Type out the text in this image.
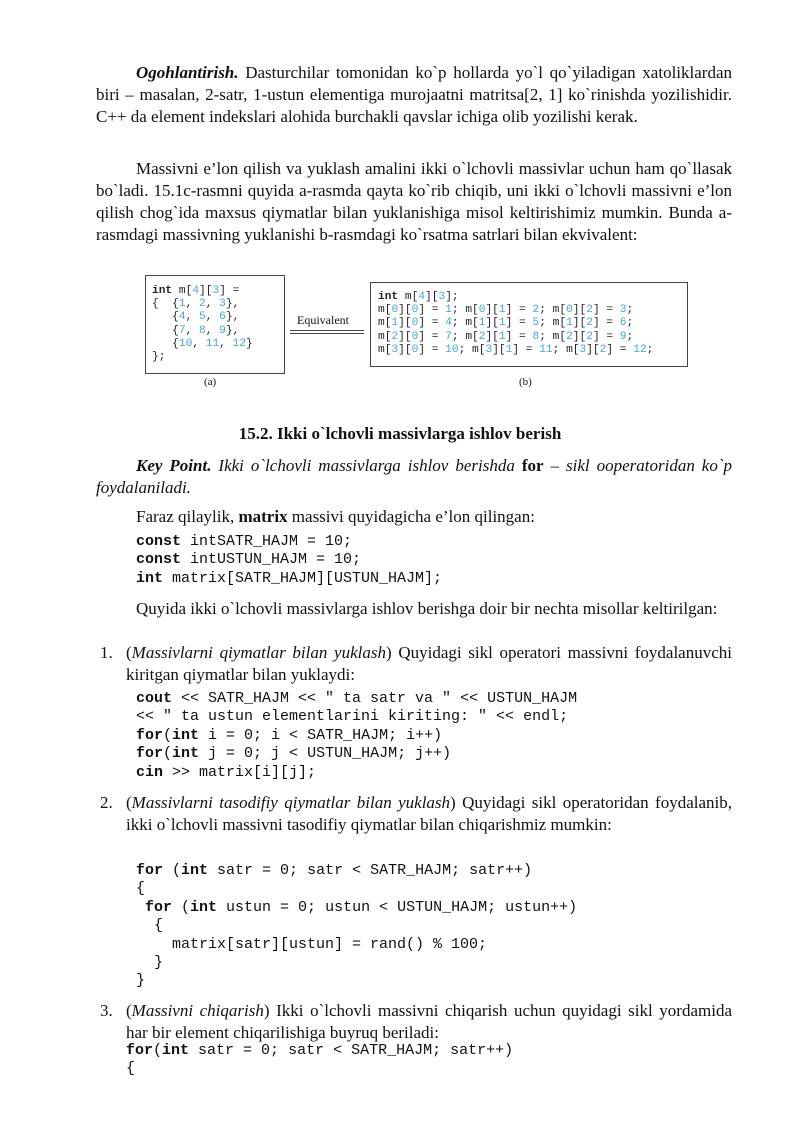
Ogohlantirish. Dasturchilar tomonidan ko`p hollarda yo`l qo`yiladigan xatoliklardan biri – masalan, 2-satr, 1-ustun elementiga murojaatni matritsa[2, 1] ko`rinishda yozilishidir. C++ da element indekslari alohida burchakli qavslar ichiga olib yozilishi kerak.

Massivni e’lon qilish va yuklash amalini ikki o`lchovli massivlar uchun ham qo`llasak bo`ladi. 15.1c-rasmni quyida a-rasmda qayta ko`rib chiqib, uni ikki o`lchovli massivni e’lon qilish chog`ida maxsus qiymatlar bilan yuklanishiga misol keltirishimiz mumkin. Bunda a-rasmdagi massivning yuklanishi b-rasmdagi ko`rsatma satrlari bilan ekvivalent:

int m[4][3] =
{  {1, 2, 3},
{4, 5, 6},
{7, 8, 9},
{10, 11, 12}
};
Equivalent
int m[4][3];
m[0][0] = 1; m[0][1] = 2; m[0][2] = 3;
m[1][0] = 4; m[1][1] = 5; m[1][2] = 6;
m[2][0] = 7; m[2][1] = 8; m[2][2] = 9;
m[3][0] = 10; m[3][1] = 11; m[3][2] = 12;
(a)	(b)

15.2. Ikki o`lchovli massivlarga ishlov berish

Key Point. Ikki o`lchovli massivlarga ishlov berishda for – sikl ooperatoridan ko`p foydalaniladi.

Faraz qilaylik, matrix massivi quyidagicha e’lon qilingan:

const intSATR_HAJM = 10;
const intUSTUN_HAJM = 10;
int matrix[SATR_HAJM][USTUN_HAJM];

Quyida ikki o`lchovli massivlarga ishlov berishga doir bir nechta misollar keltirilgan:

1. (Massivlarni qiymatlar bilan yuklash) Quyidagi sikl operatori massivni foydalanuvchi kiritgan qiymatlar bilan yuklaydi:
cout << SATR_HAJM << " ta satr va " << USTUN_HAJM
<< " ta ustun elementlarini kiriting: " << endl;
for(int i = 0; i < SATR_HAJM; i++)
for(int j = 0; j < USTUN_HAJM; j++)
cin >> matrix[i][j];
2. (Massivlarni tasodifiy qiymatlar bilan yuklash) Quyidagi sikl operatoridan foydalanib, ikki o`lchovli massivni tasodifiy qiymatlar bilan chiqarishmiz mumkin:
for (int satr = 0; satr < SATR_HAJM; satr++)
{
for (int ustun = 0; ustun < USTUN_HAJM; ustun++)
{
matrix[satr][ustun] = rand() % 100;
}
}
3. (Massivni chiqarish) Ikki o`lchovli massivni chiqarish uchun quyidagi sikl yordamida har bir element chiqarilishiga buyruq beriladi:
for(int satr = 0; satr < SATR_HAJM; satr++)
{
